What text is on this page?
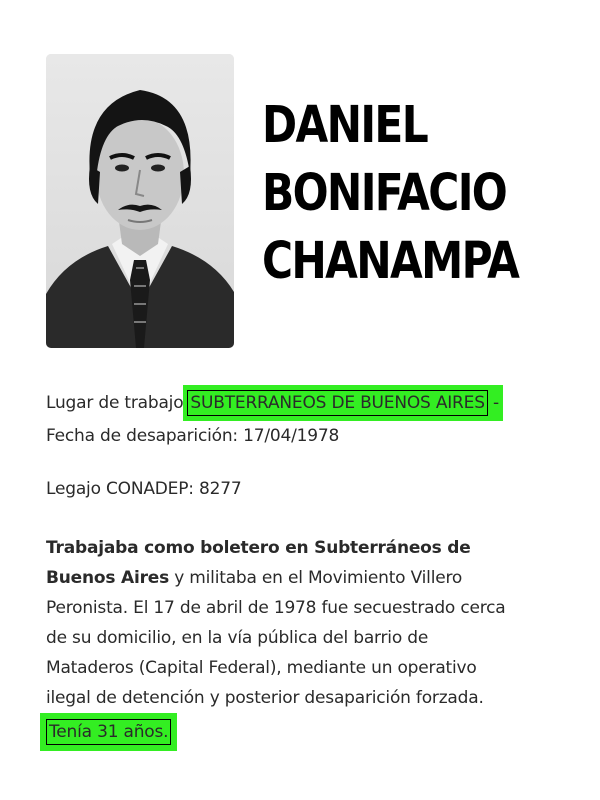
DANIEL
BONIFACIO
CHANAMPA
Lugar de trabajo SUBTERRANEOS DE BUENOS AIRES -
Fecha de desaparición: 17/04/1978
Legajo CONADEP: 8277
Trabajaba como boletero en Subterráneos de
Buenos Aires y militaba en el Movimiento Villero
Peronista. El 17 de abril de 1978 fue secuestrado cerca
de su domicilio, en la vía pública del barrio de
Mataderos (Capital Federal), mediante un operativo
ilegal de detención y posterior desaparición forzada.
Tenía 31 años.
